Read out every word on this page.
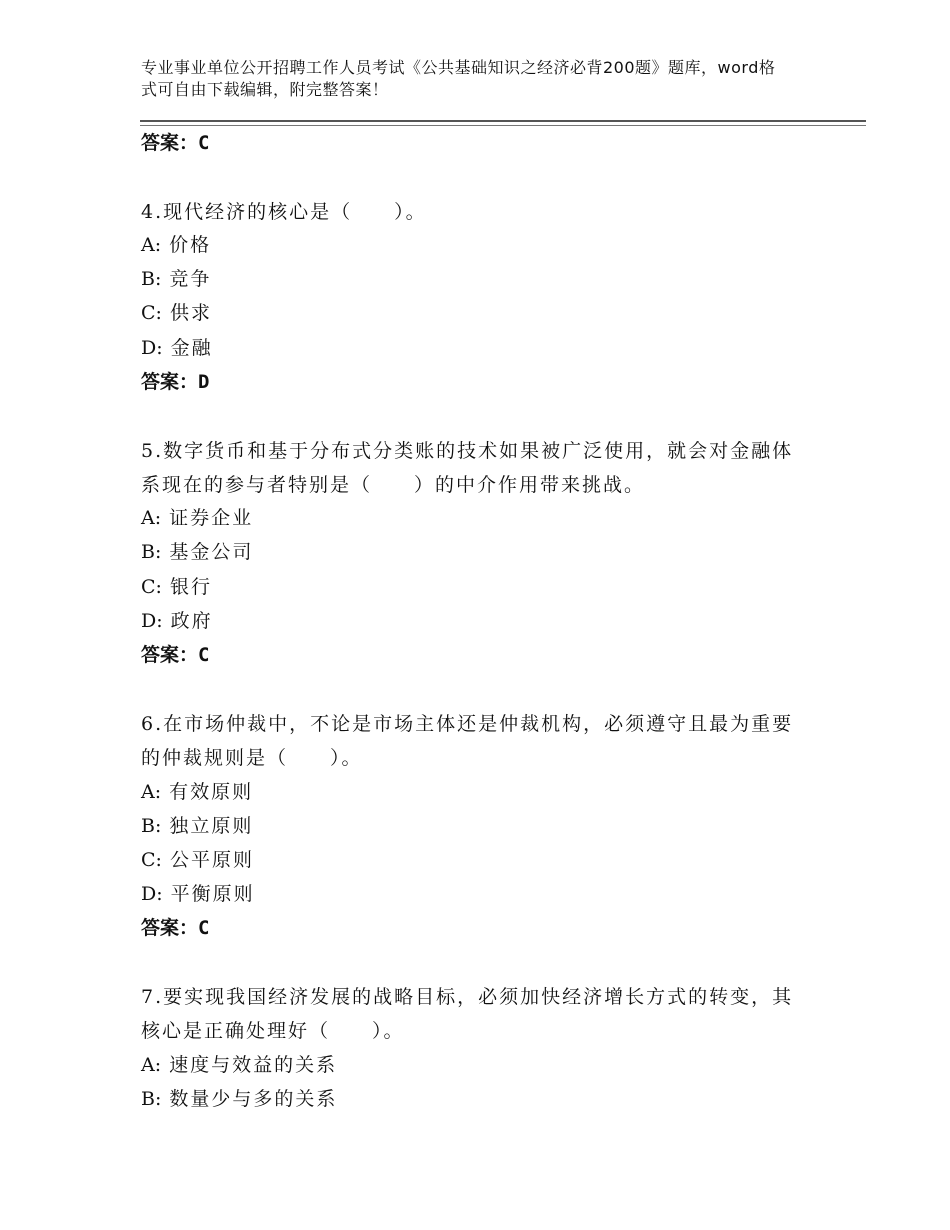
专业事业单位公开招聘工作人员考试《公共基础知识之经济必背200题》题库，word格式可自由下载编辑，附完整答案！
答案：C
4.现代经济的核心是（　　）。
A: 价格
B: 竞争
C: 供求
D: 金融
答案：D
5.数字货币和基于分布式分类账的技术如果被广泛使用，就会对金融体系现在的参与者特别是（　　）的中介作用带来挑战。
A: 证券企业
B: 基金公司
C: 银行
D: 政府
答案：C
6.在市场仲裁中，不论是市场主体还是仲裁机构，必须遵守且最为重要的仲裁规则是（　　）。
A: 有效原则
B: 独立原则
C: 公平原则
D: 平衡原则
答案：C
7.要实现我国经济发展的战略目标，必须加快经济增长方式的转变，其核心是正确处理好（　　）。
A: 速度与效益的关系
B: 数量少与多的关系
